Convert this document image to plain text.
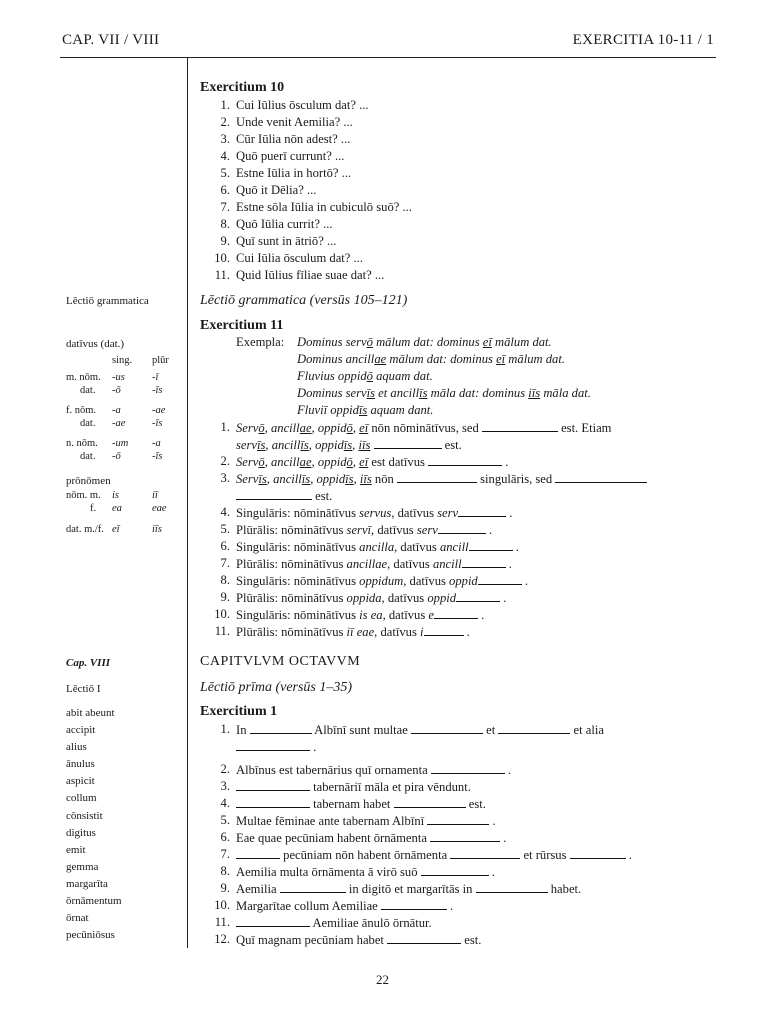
CAP. VII / VIII	EXERCITIA 10-11 / 1
Lēctiō grammatica
datīvus (dat.)
sing. plūr
m. nōm. -us	-ī
dat. -ō	-īs
f. nōm. -a	-ae
dat. -ae	-īs
n. nōm. -um -a
dat. -ō	-īs
prōnōmen
nōm. m. is	iī
f. ea	eae
dat. m./f. eī	iīs
Cap. VIII
Lēctiō I
abit abeunt
accipit
alius
ānulus
aspicit
collum
cōnsistit
digitus
emit
gemma
margarīta
ōrnāmentum
ōrnat
pecūniōsus
Exercitium 10
1. Cui Iūlius ōsculum dat? ...
2. Unde venit Aemilia? ...
3. Cūr Iūlia nōn adest? ...
4. Quō puerī currunt? ...
5. Estne Iūlia in hortō? ...
6. Quō it Dēlia? ...
7. Estne sōla Iūlia in cubiculō suō? ...
8. Quō Iūlia currit? ...
9. Quī sunt in ātriō? ...
10. Cui Iūlia ōsculum dat? ...
11. Quid Iūlius fīliae suae dat? ...
Lēctiō grammatica (versūs 105–121)
Exercitium 11
Exempla: Dominus servō mālum dat: dominus eī mālum dat.
Dominus ancillae mālum dat: dominus eī mālum dat.
Fluvius oppidō aquam dat.
Dominus servīs et ancillīs māla dat: dominus iīs māla dat.
Fluviī oppidīs aquam dant.
1. Servō, ancillae, oppidō, eī nōn nōminātīvus, sed	est. Etiam
servīs, ancillīs, oppidīs, iīs	est.
2. Servō, ancillae, oppidō, eī est datīvus	.
3. Servīs, ancillīs, oppidīs, iīs nōn	singulāris, sed
est.
4. Singulāris: nōminātīvus servus, datīvus serv	.
5. Plūrālis: nōminātīvus servī, datīvus serv	.
6. Singulāris: nōminātīvus ancilla, datīvus ancill	.
7. Plūrālis: nōminātīvus ancillae, datīvus ancill	.
8. Singulāris: nōminātīvus oppidum, datīvus oppid	.
9. Plūrālis: nōminātīvus oppida, datīvus oppid	.
10. Singulāris: nōminātīvus is ea, datīvus e	.
11. Plūrālis: nōminātīvus iī eae, datīvus i	.
CAPITVLVM OCTAVVM
Lēctiō prīma (versūs 1–35)
Exercitium 1
1. In	Albīnī sunt multae	et	et alia
.
2. Albīnus est tabernārius quī ornamenta	.
3.	tabernāriī māla et pira vēndunt.
4.	tabernam habet	est.
5. Multae fēminae ante tabernam Albīnī	.
6. Eae quae pecūniam habent ōrnāmenta	.
7.	pecūniam nōn habent ōrnāmenta	et rūrsus	.
8. Aemilia multa ōrnāmenta ā virō suō	.
9. Aemilia	in digitō et margarītās in	habet.
10. Margarītae collum Aemiliae	.
11.	Aemiliae ānulō ōrnātur.
12. Quī magnam pecūniam habet	est.
22
